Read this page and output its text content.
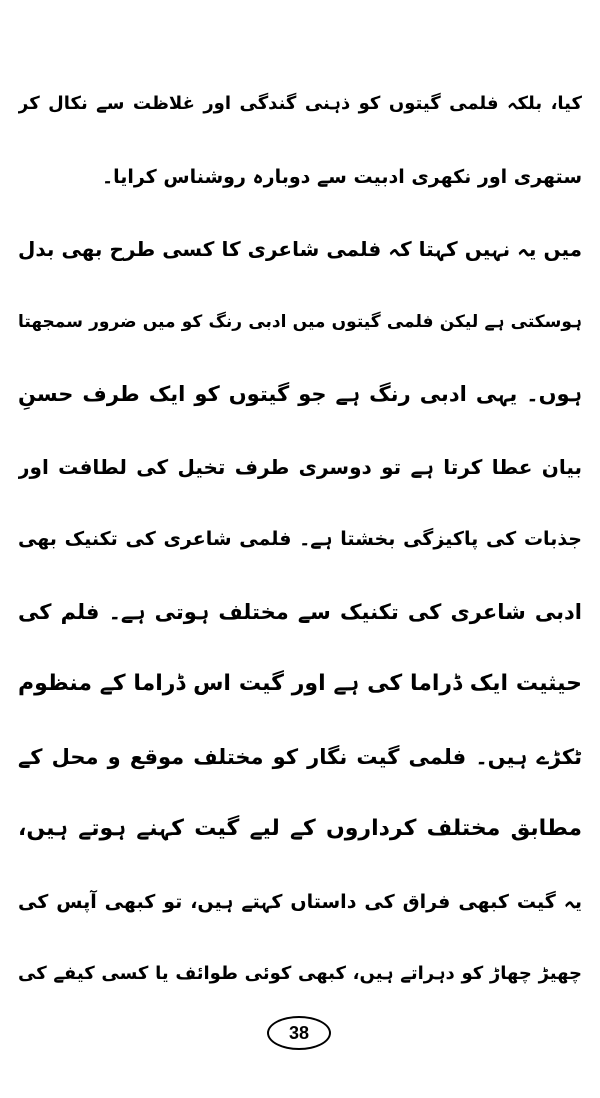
کیا، بلکہ فلمی گیتوں کو ذہنی گندگی اور غلاظت سے نکال کر
ستھری اور نکھری ادبیت سے دوبارہ روشناس کرایا۔
میں یہ نہیں کہتا کہ فلمی شاعری کا کسی طرح بھی بدل
ہوسکتی ہے لیکن فلمی گیتوں میں ادبی رنگ کو میں ضرور سمجھتا
ہوں۔ یہی ادبی رنگ ہے جو گیتوں کو ایک طرف حسنِ
بیان عطا کرتا ہے تو دوسری طرف تخیل کی لطافت اور
جذبات کی پاکیزگی بخشتا ہے۔ فلمی شاعری کی تکنیک بھی
ادبی شاعری کی تکنیک سے مختلف ہوتی ہے۔ فلم کی
حیثیت ایک ڈراما کی ہے اور گیت اس ڈراما کے منظوم
ٹکڑے ہیں۔ فلمی گیت نگار کو مختلف موقع و محل کے
مطابق مختلف کرداروں کے لیے گیت کہنے ہوتے ہیں،
یہ گیت کبھی فراق کی داستاں کہتے ہیں، تو کبھی آپس کی
چھیڑ چھاڑ کو دہراتے ہیں، کبھی کوئی طوائف یا کسی کیفے کی
38
